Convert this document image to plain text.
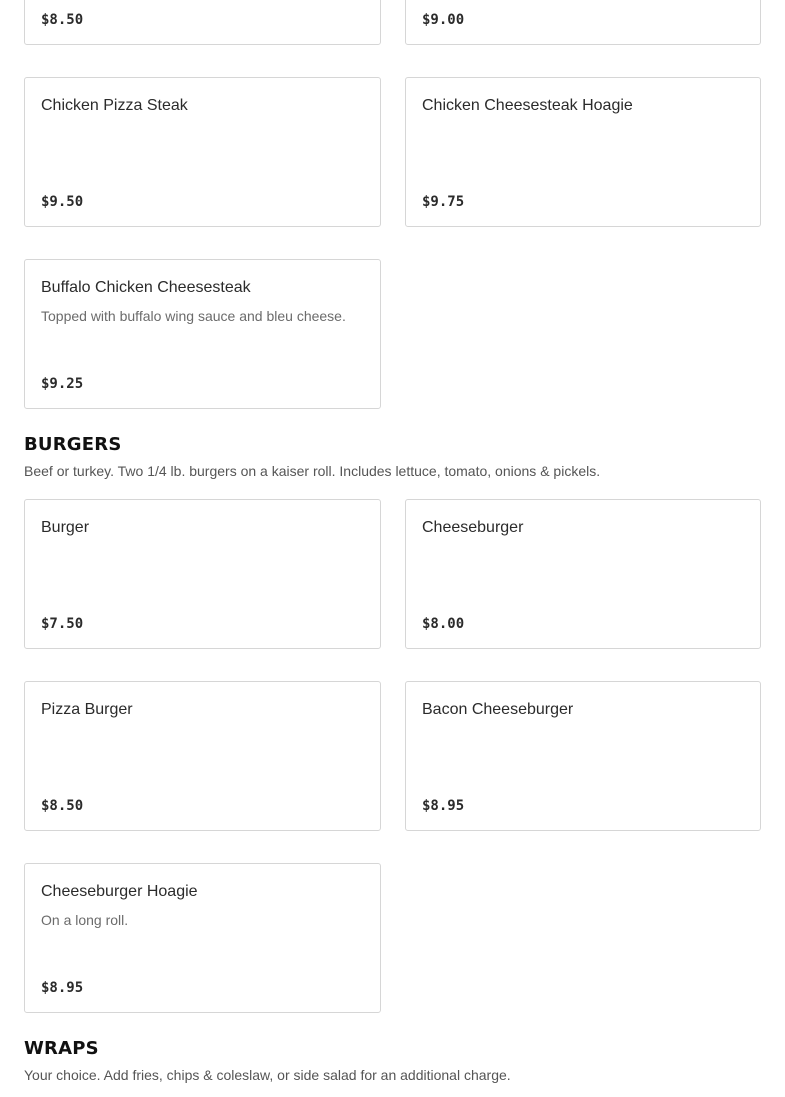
$8.50	$9.00
Chicken Pizza Steak
$9.50
Chicken Cheesesteak Hoagie
$9.75
Buffalo Chicken Cheesesteak
Topped with buffalo wing sauce and bleu cheese.
$9.25
BURGERS

Beef or turkey. Two 1/4 lb. burgers on a kaiser roll. Includes lettuce, tomato, onions & pickels.

Burger
$7.50
Cheeseburger
$8.00
Pizza Burger
$8.50
Bacon Cheeseburger
$8.95
Cheeseburger Hoagie
On a long roll.
$8.95
WRAPS

Your choice. Add fries, chips & coleslaw, or side salad for an additional charge.
